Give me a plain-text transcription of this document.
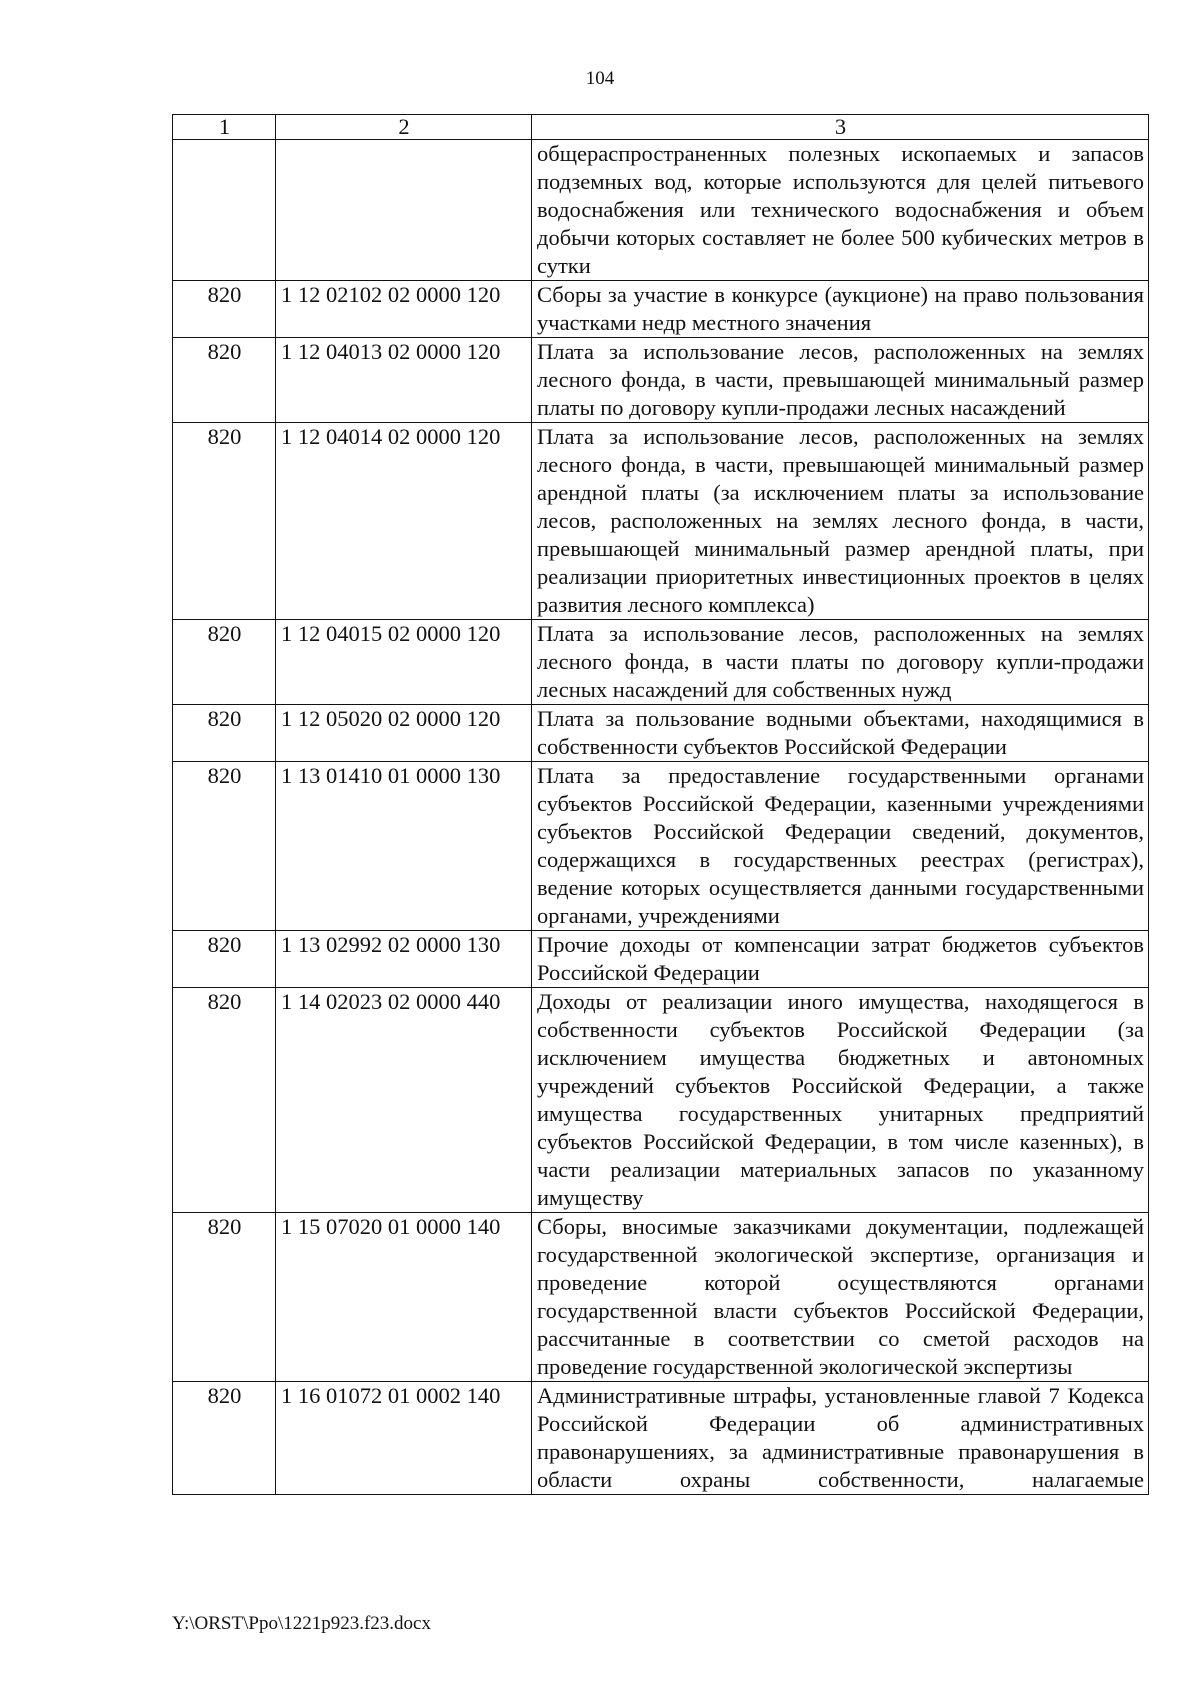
104
1	2	3
		общераспространенных полезных ископаемых и запасов подземных вод, которые используются для целей питьевого водоснабжения или технического водоснабжения и объем добычи которых составляет не более 500 кубических метров в сутки
820	1 12 02102 02 0000 120	Сборы за участие в конкурсе (аукционе) на право пользования участками недр местного значения
820	1 12 04013 02 0000 120	Плата за использование лесов, расположенных на землях лесного фонда, в части, превышающей минимальный размер платы по договору купли-продажи лесных насаждений
820	1 12 04014 02 0000 120	Плата за использование лесов, расположенных на землях лесного фонда, в части, превышающей минимальный размер арендной платы (за исключением платы за использование лесов, расположенных на землях лесного фонда, в части, превышающей минимальный размер арендной платы, при реализации приоритетных инвестиционных проектов в целях развития лесного комплекса)
820	1 12 04015 02 0000 120	Плата за использование лесов, расположенных на землях лесного фонда, в части платы по договору купли-продажи лесных насаждений для собственных нужд
820	1 12 05020 02 0000 120	Плата за пользование водными объектами, находящимися в собственности субъектов Российской Федерации
820	1 13 01410 01 0000 130	Плата за предоставление государственными органами субъектов Российской Федерации, казенными учреждениями субъектов Российской Федерации сведений, документов, содержащихся в государственных реестрах (регистрах), ведение которых осуществляется данными государственными органами, учреждениями
820	1 13 02992 02 0000 130	Прочие доходы от компенсации затрат бюджетов субъектов Российской Федерации
820	1 14 02023 02 0000 440	Доходы от реализации иного имущества, находящегося в собственности субъектов Российской Федерации (за исключением имущества бюджетных и автономных учреждений субъектов Российской Федерации, а также имущества государственных унитарных предприятий субъектов Российской Федерации, в том числе казенных), в части реализации материальных запасов по указанному имуществу
820	1 15 07020 01 0000 140	Сборы, вносимые заказчиками документации, подлежащей государственной экологической экспертизе, организация и проведение которой осуществляются органами государственной власти субъектов Российской Федерации, рассчитанные в соответствии со сметой расходов на проведение государственной экологической экспертизы
820	1 16 01072 01 0002 140	Административные штрафы, установленные главой 7 Кодекса Российской Федерации об административных правонарушениях, за административные правонарушения в области охраны собственности, налагаемые
Y:\ORST\Ppo\1221p923.f23.docx
